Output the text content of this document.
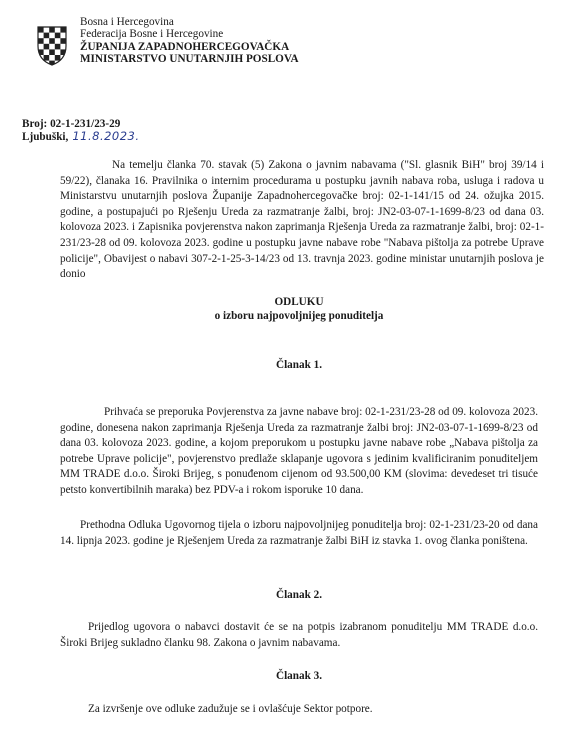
Bosna i Hercegovina
Federacija Bosne i Hercegovine
ŽUPANIJA ZAPADNOHERCEGOVAČKA
MINISTARSTVO UNUTARNJIH POSLOVA
Broj: 02-1-231/23-29
Ljubuški, 11.8.2023.
Na temelju članka 70. stavak (5) Zakona o javnim nabavama ("Sl. glasnik BiH" broj 39/14 i 59/22), članaka 16. Pravilnika o internim procedurama u postupku javnih nabava roba, usluga i radova u Ministarstvu unutarnjih poslova Županije Zapadnohercegovačke broj: 02-1-141/15 od 24. ožujka 2015. godine, a postupajući po Rješenju Ureda za razmatranje žalbi, broj: JN2-03-07-1-1699-8/23 od dana 03. kolovoza 2023. i Zapisnika povjerenstva nakon zaprimanja Rješenja Ureda za razmatranje žalbi, broj: 02-1-231/23-28 od 09. kolovoza 2023. godine u postupku javne nabave robe "Nabava pištolja za potrebe Uprave policije", Obavijest o nabavi 307-2-1-25-3-14/23 od 13. travnja 2023. godine ministar unutarnjih poslova je donio
ODLUKU
o izboru najpovoljnijeg ponuditelja
Članak 1.
Prihvaća se preporuka Povjerenstva za javne nabave broj: 02-1-231/23-28 od 09. kolovoza 2023. godine, donesena nakon zaprimanja Rješenja Ureda za razmatranje žalbi broj: JN2-03-07-1-1699-8/23 od dana 03. kolovoza 2023. godine, a kojom preporukom u postupku javne nabave robe „Nabava pištolja za potrebe Uprave policije", povjerenstvo predlaže sklapanje ugovora s jedinim kvalificiranim ponuditeljem MM TRADE d.o.o. Široki Brijeg, s ponuđenom cijenom od 93.500,00 KM (slovima: devedeset tri tisuće petsto konvertibilnih maraka) bez PDV-a i rokom isporuke 10 dana.
Prethodna Odluka Ugovornog tijela o izboru najpovoljnijeg ponuditelja broj: 02-1-231/23-20 od dana 14. lipnja 2023. godine je Rješenjem Ureda za razmatranje žalbi BiH iz stavka 1. ovog članka poništena.
Članak 2.
Prijedlog ugovora o nabavci dostavit će se na potpis izabranom ponuditelju MM TRADE d.o.o. Široki Brijeg sukladno članku 98. Zakona o javnim nabavama.
Članak 3.
Za izvršenje ove odluke zadužuje se i ovlašćuje Sektor potpore.
